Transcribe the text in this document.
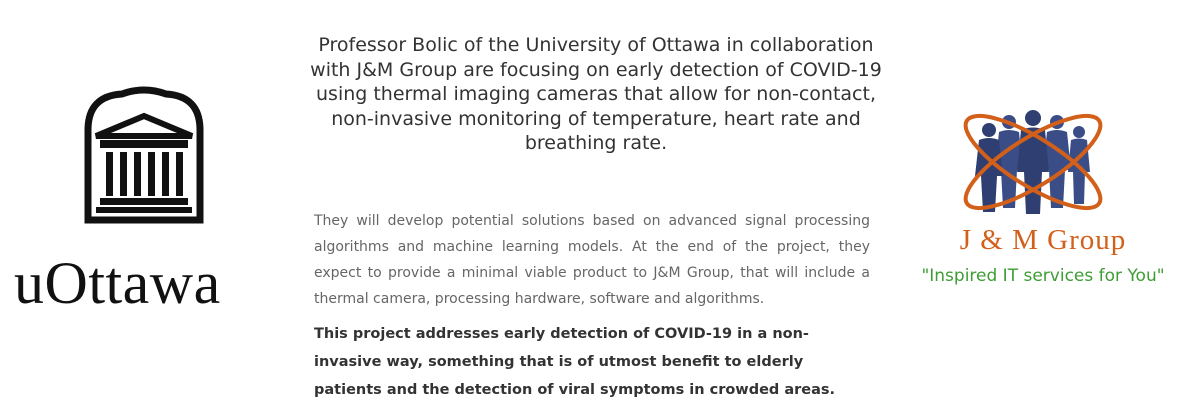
uOttawa

Professor Bolic of the University of Ottawa in collaboration with J&M Group are focusing on early detection of COVID-19 using thermal imaging cameras that allow for non-contact, non-invasive monitoring of temperature, heart rate and breathing rate.

They will develop potential solutions based on advanced signal processing algorithms and machine learning models. At the end of the project, they expect to provide a minimal viable product to J&M Group, that will include a thermal camera, processing hardware, software and algorithms.

This project addresses early detection of COVID-19 in a non-invasive way, something that is of utmost benefit to elderly patients and the detection of viral symptoms in crowded areas.

J & M Group
"Inspired IT services for You"
